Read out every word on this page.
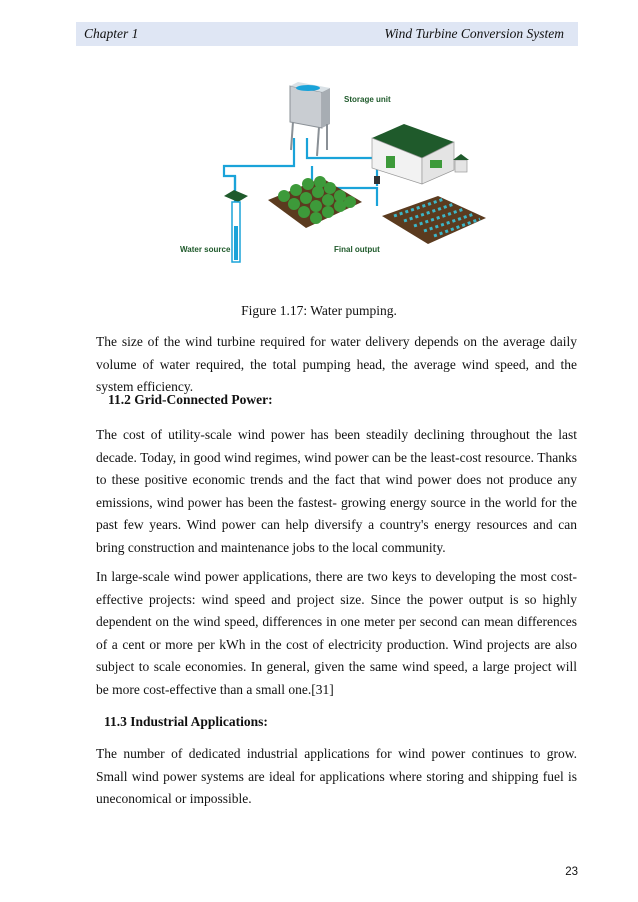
Chapter 1	Wind Turbine Conversion System
Storage unit
Water source	Final output
Figure 1.17: Water pumping.

The size of the wind turbine required for water delivery depends on the average daily volume of water required, the total pumping head, the average wind speed, and the system efficiency.

11.2 Grid-Connected Power:

The cost of utility-scale wind power has been steadily declining throughout the last decade. Today, in good wind regimes, wind power can be the least-cost resource. Thanks to these positive economic trends and the fact that wind power does not produce any emissions, wind power has been the fastest- growing energy source in the world for the past few years. Wind power can help diversify a country's energy resources and can bring construction and maintenance jobs to the local community.

In large-scale wind power applications, there are two keys to developing the most cost-effective projects: wind speed and project size. Since the power output is so highly dependent on the wind speed, differences in one meter per second can mean differences of a cent or more per kWh in the cost of electricity production. Wind projects are also subject to scale economies. In general, given the same wind speed, a large project will be more cost-effective than a small one.[31]

11.3 Industrial Applications:

The number of dedicated industrial applications for wind power continues to grow. Small wind power systems are ideal for applications where storing and shipping fuel is uneconomical or impossible.

23
